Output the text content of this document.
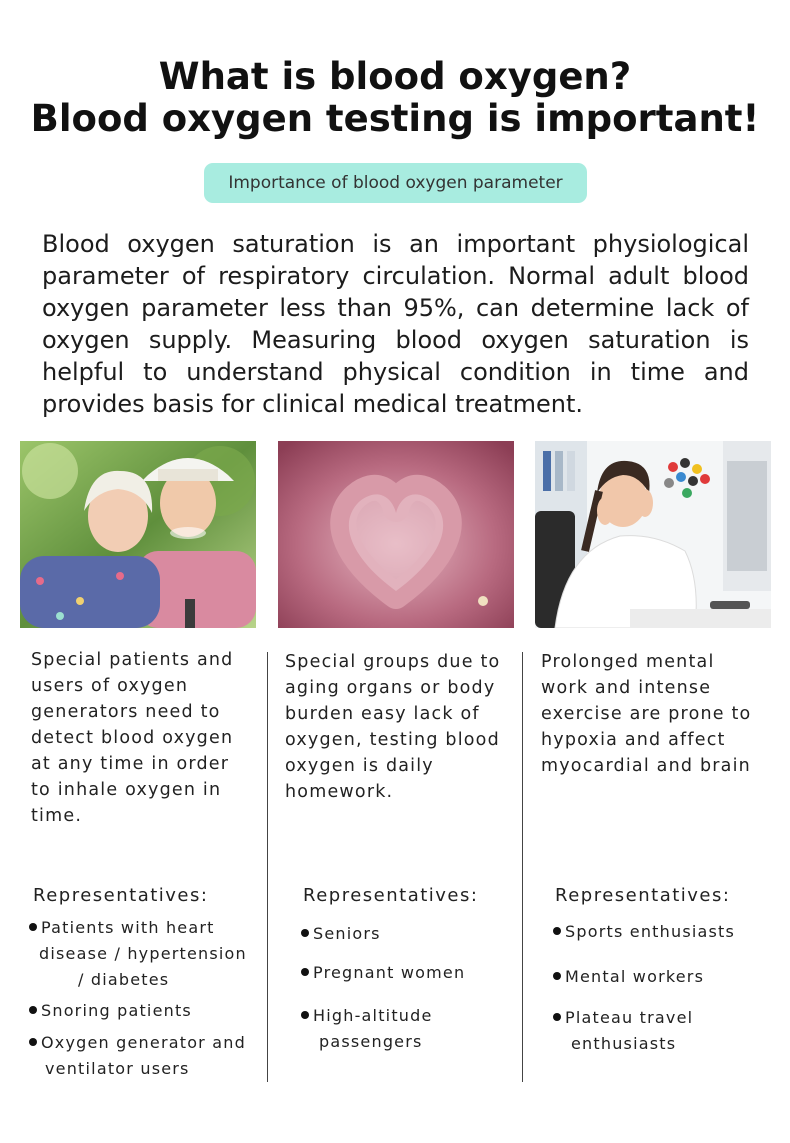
What is blood oxygen?
Blood oxygen testing is important!
Importance of blood oxygen parameter

Blood oxygen saturation is an important physiological parameter of respiratory circulation. Normal adult blood oxygen parameter less than 95%, can determine lack of oxygen supply. Measuring blood oxygen saturation is helpful to understand physical condition in time and provides basis for clinical medical treatment.

Special patients and users of oxygen generators need to detect blood oxygen at any time in order to inhale oxygen in time.

Special groups due to aging organs or body burden easy lack of oxygen, testing blood oxygen is daily homework.

Prolonged mental work and intense exercise are prone to hypoxia and affect myocardial and brain

Representatives:
Patients with heart
disease / hypertension
/ diabetes
Snoring patients
Oxygen generator and
ventilator users
Representatives:
Seniors
Pregnant women
High-altitude
passengers
Representatives:
Sports enthusiasts
Mental workers
Plateau travel
enthusiasts
